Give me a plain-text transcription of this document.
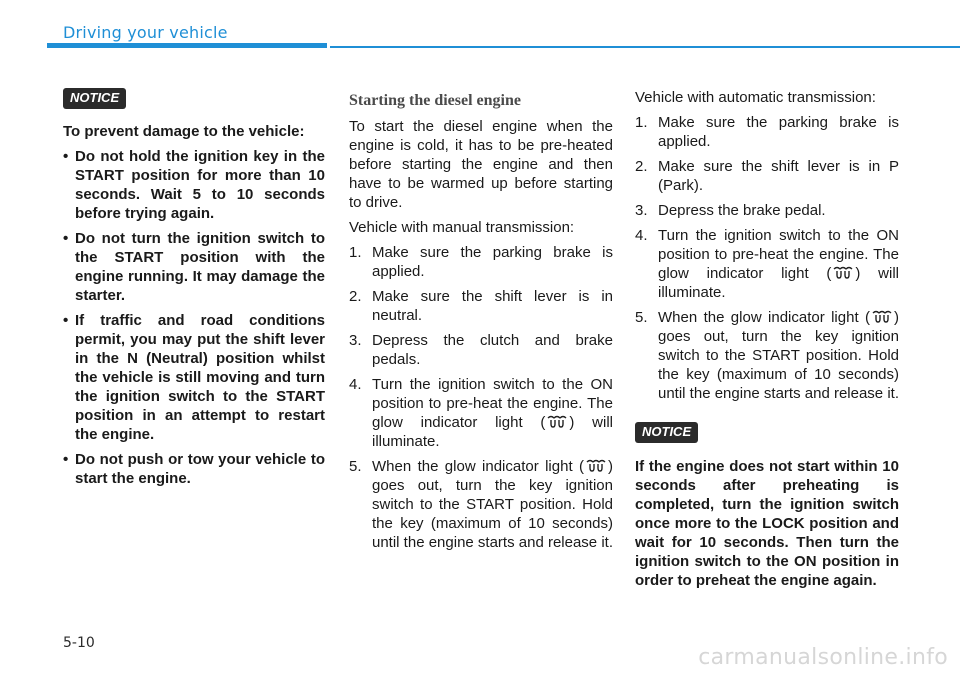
Driving your vehicle
NOTICE

To prevent damage to the vehicle:

• Do not hold the ignition key in the START position for more than 10 seconds. Wait 5 to 10 seconds before trying again.
• Do not turn the ignition switch to the START position with the engine running. It may damage the starter.
• If traffic and road conditions permit, you may put the shift lever in the N (Neutral) position whilst the vehicle is still moving and turn the ignition switch to the START position in an attempt to restart the engine.
• Do not push or tow your vehicle to start the engine.
Starting the diesel engine

To start the diesel engine when the engine is cold, it has to be pre-heated before starting the engine and then have to be warmed up before starting to drive.

Vehicle with manual transmission:

1. Make sure the parking brake is applied.
2. Make sure the shift lever is in neutral.
3. Depress the clutch and brake pedals.
4. Turn the ignition switch to the ON position to pre-heat the engine. The glow indicator light ( ) will illuminate.
5. When the glow indicator light ( ) goes out, turn the key ignition switch to the START position. Hold the key (maximum of 10 seconds) until the engine starts and release it.

Vehicle with automatic transmission:

1. Make sure the parking brake is applied.
2. Make sure the shift lever is in P (Park).
3. Depress the brake pedal.
4. Turn the ignition switch to the ON position to pre-heat the engine. The glow indicator light ( ) will illuminate.
5. When the glow indicator light ( ) goes out, turn the key ignition switch to the START position. Hold the key (maximum of 10 seconds) until the engine starts and release it.
NOTICE

If the engine does not start within 10 seconds after preheating is completed, turn the ignition switch once more to the LOCK position and wait for 10 seconds. Then turn the ignition switch to the ON position in order to preheat the engine again.

5-10
carmanualsonline.info
